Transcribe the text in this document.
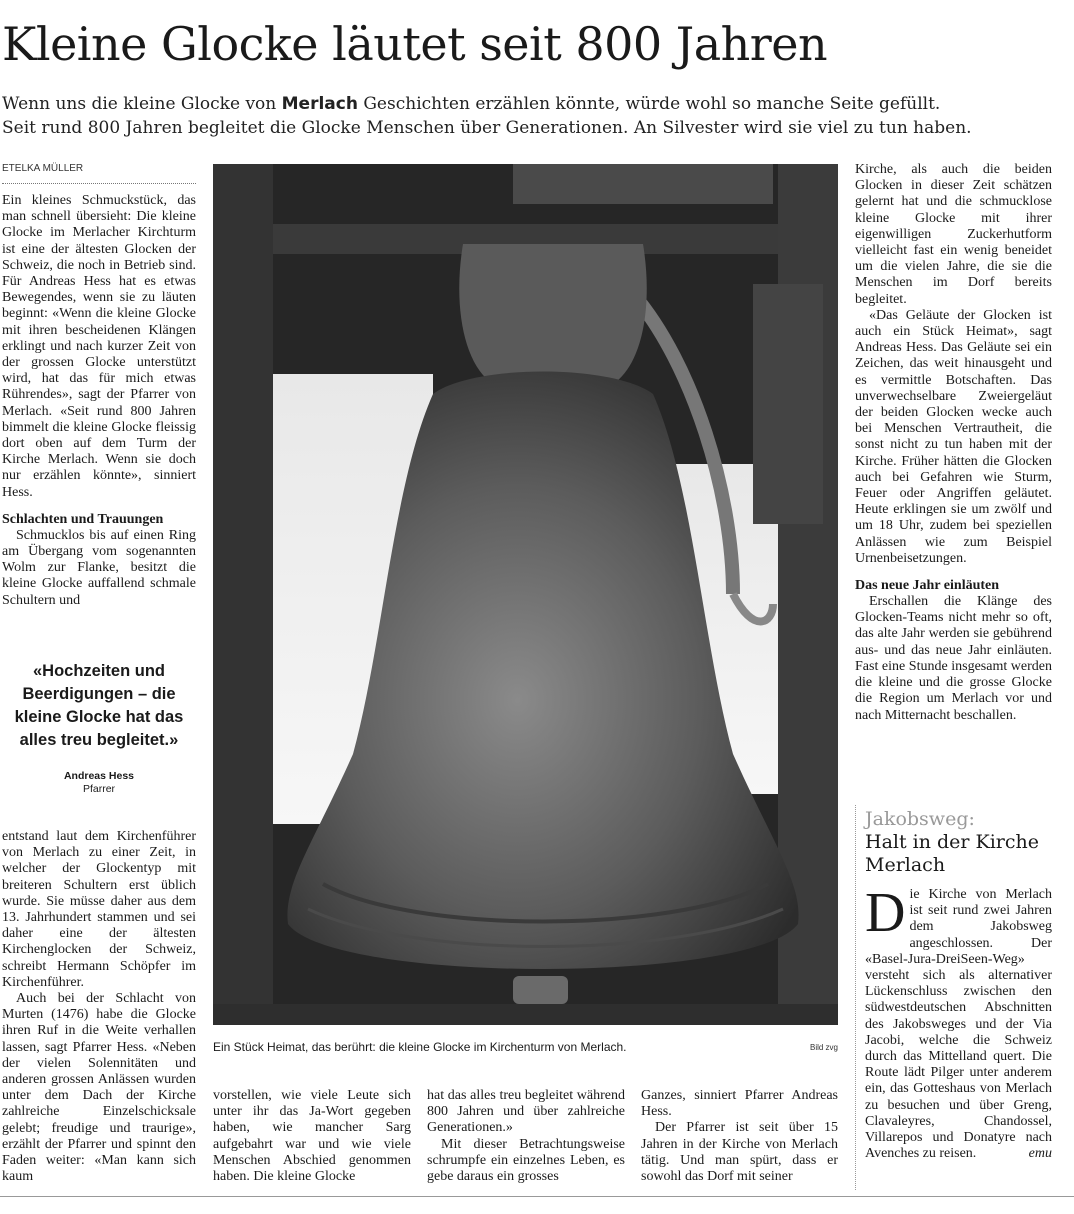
Kleine Glocke läutet seit 800 Jahren
Wenn uns die kleine Glocke von Merlach Geschichten erzählen könnte, würde wohl so manche Seite gefüllt.
Seit rund 800 Jahren begleitet die Glocke Menschen über Generationen. An Silvester wird sie viel zu tun haben.
ETELKA MÜLLER

Ein kleines Schmuckstück, das man schnell übersieht: Die kleine Glocke im Merlacher Kirchturm ist eine der ältesten Glocken der Schweiz, die noch in Betrieb sind. Für Andreas Hess hat es etwas Bewegendes, wenn sie zu läuten beginnt: «Wenn die kleine Glocke mit ihren bescheidenen Klängen erklingt und nach kurzer Zeit von der grossen Glocke unterstützt wird, hat das für mich etwas Rührendes», sagt der Pfarrer von Merlach. «Seit rund 800 Jahren bimmelt die kleine Glocke fleissig dort oben auf dem Turm der Kirche Merlach. Wenn sie doch nur erzählen könnte», sinniert Hess.

Schlachten und Trauungen

Schmucklos bis auf einen Ring am Übergang vom sogenannten Wolm zur Flanke, besitzt die kleine Glocke auffallend schmale Schultern und

«Hochzeiten und Beerdigungen – die kleine Glocke hat das alles treu begleitet.»
Andreas Hess
Pfarrer

entstand laut dem Kirchenführer von Merlach zu einer Zeit, in welcher der Glockentyp mit breiteren Schultern erst üblich wurde. Sie müsse daher aus dem 13. Jahrhundert stammen und sei daher eine der ältesten Kirchenglocken der Schweiz, schreibt Hermann Schöpfer im Kirchenführer.

Auch bei der Schlacht von Murten (1476) habe die Glocke ihren Ruf in die Weite verhallen lassen, sagt Pfarrer Hess. «Neben der vielen Solennitäten und anderen grossen Anlässen wurden unter dem Dach der Kirche zahlreiche Einzelschicksale gelebt; freudige und traurige», erzählt der Pfarrer und spinnt den Faden weiter: «Man kann sich kaum

Ein Stück Heimat, das berührt: die kleine Glocke im Kirchenturm von Merlach.	Bild zvg

vorstellen, wie viele Leute sich unter ihr das Ja-Wort gegeben haben, wie mancher Sarg aufgebahrt war und wie viele Menschen Abschied genommen haben. Die kleine Glocke

hat das alles treu begleitet während 800 Jahren und über zahlreiche Generationen.»

Mit dieser Betrachtungsweise schrumpfe ein einzelnes Leben, es gebe daraus ein grosses

Ganzes, sinniert Pfarrer Andreas Hess.

Der Pfarrer ist seit über 15 Jahren in der Kirche von Merlach tätig. Und man spürt, dass er sowohl das Dorf mit seiner

Kirche, als auch die beiden Glocken in dieser Zeit schätzen gelernt hat und die schmucklose kleine Glocke mit ihrer eigenwilligen Zuckerhutform vielleicht fast ein wenig beneidet um die vielen Jahre, die sie die Menschen im Dorf bereits begleitet.

«Das Geläute der Glocken ist auch ein Stück Heimat», sagt Andreas Hess. Das Geläute sei ein Zeichen, das weit hinausgeht und es vermittle Botschaften. Das unverwechselbare Zweiergeläut der beiden Glocken wecke auch bei Menschen Vertrautheit, die sonst nicht zu tun haben mit der Kirche. Früher hätten die Glocken auch bei Gefahren wie Sturm, Feuer oder Angriffen geläutet. Heute erklingen sie um zwölf und um 18 Uhr, zudem bei speziellen Anlässen wie zum Beispiel Urnenbeisetzungen.

Das neue Jahr einläuten

Erschallen die Klänge des Glocken-Teams nicht mehr so oft, das alte Jahr werden sie gebührend aus- und das neue Jahr einläuten. Fast eine Stunde insgesamt werden die kleine und die grosse Glocke die Region um Merlach vor und nach Mitternacht beschallen.

Jakobsweg:
Halt in der Kirche Merlach
D ie Kirche von Merlach ist seit rund zwei Jahren dem Jakobsweg angeschlossen. Der «Basel-Jura-DreiSeen-Weg» versteht sich als alternativer Lückenschluss zwischen den südwestdeutschen Abschnitten des Jakobsweges und der Via Jacobi, welche die Schweiz durch das Mittelland quert. Die Route lädt Pilger unter anderem ein, das Gotteshaus von Merlach zu besuchen und über Greng, Clavaleyres, Chandossel, Villarepos und Donatyre nach Avenches zu reisen.	emu
